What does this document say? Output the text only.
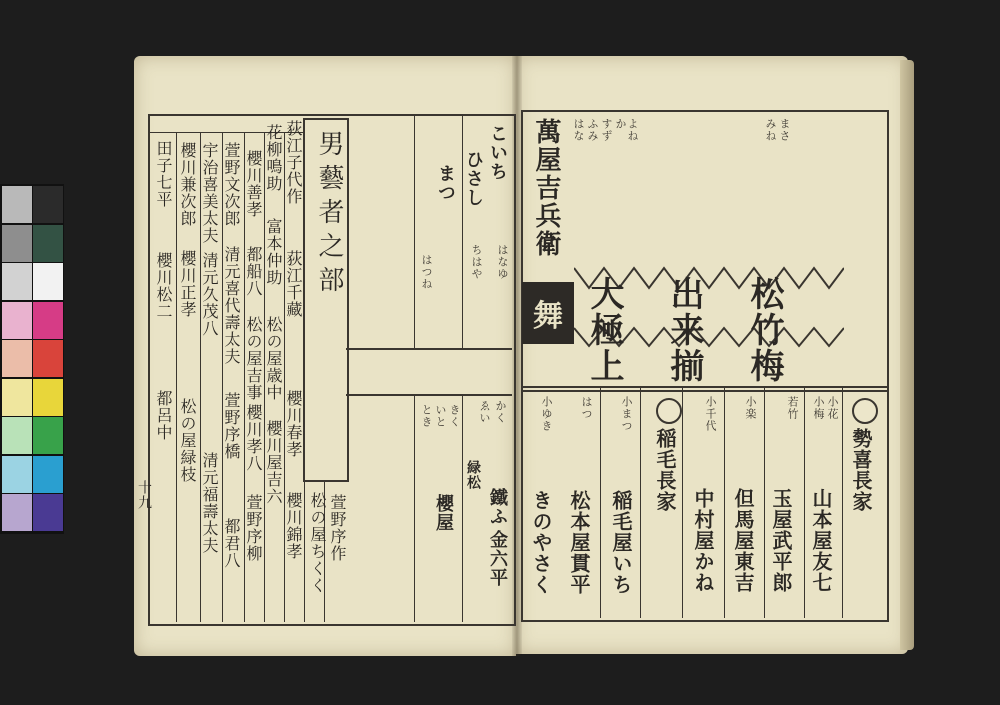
十九
男藝者之部
荻江子代作
荻江千藏
花柳鳴助
富本仲助
櫻川春孝
櫻川善孝
都船八
松の屋歳中
萱野文次郎
清元喜代壽太夫 松の屋吉事
宇治喜美太夫
清元久茂八
萱野序橋
櫻川兼次郎
櫻川正孝
櫻川孝八
田子七平
櫻川松二
松の屋緑枝
都呂中
清元福壽太夫	櫻川錦孝
櫻川屋吉六
萱野序作
松の屋ちくく
都君八 萱野序柳
こいち
ひさし
まつ
はなゆ
ちはや
はつね
かく
ゑい
きく
いと
とき
鐵ふ
金六平
櫻屋
緑松
舞
萬屋吉兵衛
大極上 出来揃 松竹梅
すず か よね
はな ふみ	みね まさ
勢喜長家
山本屋友七
玉屋武平郎
但馬屋東吉
中村屋かね
稲毛長家
稲毛屋いち
松本屋貫平
きのやさく
小花
小梅
若竹
小楽
小千代
小まつ
はつ
小ゆき
